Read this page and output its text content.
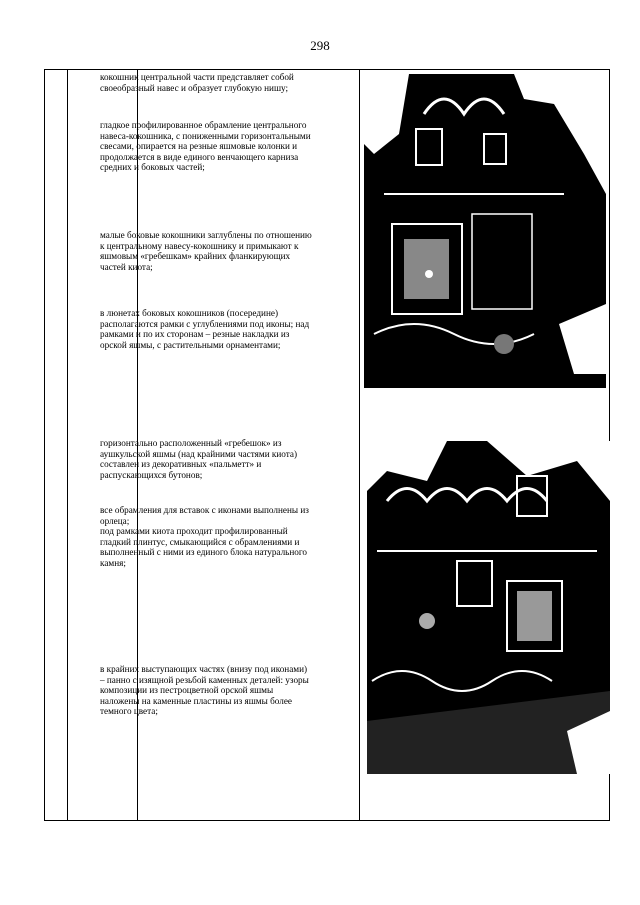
298
кокошник центральной части представляет собой своеобразный навес и образует глубокую нишу;
гладкое профилированное обрамление центрального навеса-кокошника, с пониженными горизонтальными свесами, опирается на резные яшмовые колонки и продолжается в виде единого венчающего карниза средних и боковых частей;
малые боковые кокошники заглублены по отношению к центральному навесу-кокошнику и примыкают к яшмовым «гребешкам» крайних фланкирующих частей киота;
в люнетах боковых кокошников (посередине) располагаются рамки с углублениями под иконы; над рамками и по их сторонам – резные накладки из орской яшмы, с растительными орнаментами;
горизонтально расположенный «гребешок» из аушкульской яшмы (над крайними частями киота) составлен из декоративных «пальметт» и распускающихся бутонов;
все обрамления для вставок с иконами выполнены из орлеца;
под рамками киота проходит профилированный гладкий плинтус, смыкающийся с обрамлениями и выполненный с ними из единого блока натурального камня;
в крайних выступающих частях (внизу под иконами) – панно с изящной резьбой каменных деталей: узоры композиции из пестроцветной орской яшмы наложены на каменные пластины из яшмы более темного цвета;
